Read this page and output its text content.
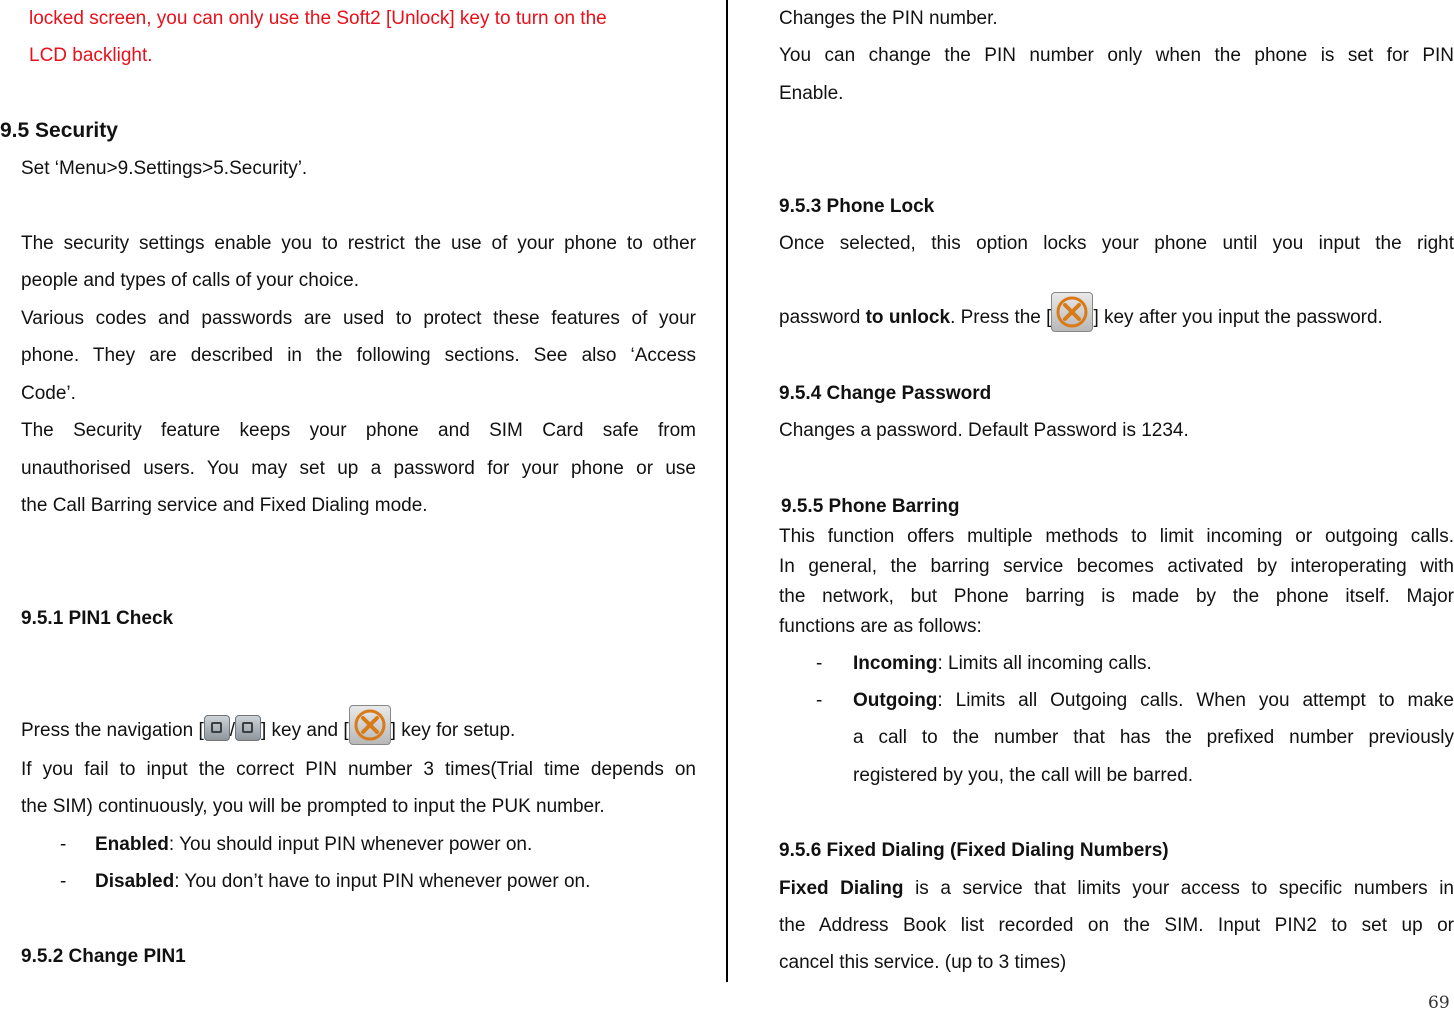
locked screen, you can only use the Soft2 [Unlock] key to turn on the
LCD backlight.
9.5 Security
Set ‘Menu>9.Settings>5.Security’.
The security settings enable you to restrict the use of your phone to other
people and types of calls of your choice.
Various codes and passwords are used to protect these features of your
phone. They are described in the following sections. See also ‘Access
Code’.
The Security feature keeps your phone and SIM Card safe from
unauthorised users. You may set up a password for your phone or use
the Call Barring service and Fixed Dialing mode.
9.5.1 PIN1 Check
Press the navigation [ / ] key and [ ] key for setup.
If you fail to input the correct PIN number 3 times(Trial time depends on
the SIM) continuously, you will be prompted to input the PUK number.
- Enabled: You should input PIN whenever power on.
- Disabled: You don’t have to input PIN whenever power on.
9.5.2 Change PIN1
Changes the PIN number.
You can change the PIN number only when the phone is set for PIN
Enable.
9.5.3 Phone Lock
Once selected, this option locks your phone until you input the right
password to unlock. Press the [ ] key after you input the password.
9.5.4 Change Password
Changes a password. Default Password is 1234.
9.5.5 Phone Barring
This function offers multiple methods to limit incoming or outgoing calls.
In general, the barring service becomes activated by interoperating with
the network, but Phone barring is made by the phone itself. Major
functions are as follows:
- Incoming: Limits all incoming calls.
- Outgoing: Limits all Outgoing calls. When you attempt to make
a call to the number that has the prefixed number previously
registered by you, the call will be barred.
9.5.6 Fixed Dialing (Fixed Dialing Numbers)
Fixed Dialing is a service that limits your access to specific numbers in
the Address Book list recorded on the SIM. Input PIN2 to set up or
cancel this service. (up to 3 times)
69
